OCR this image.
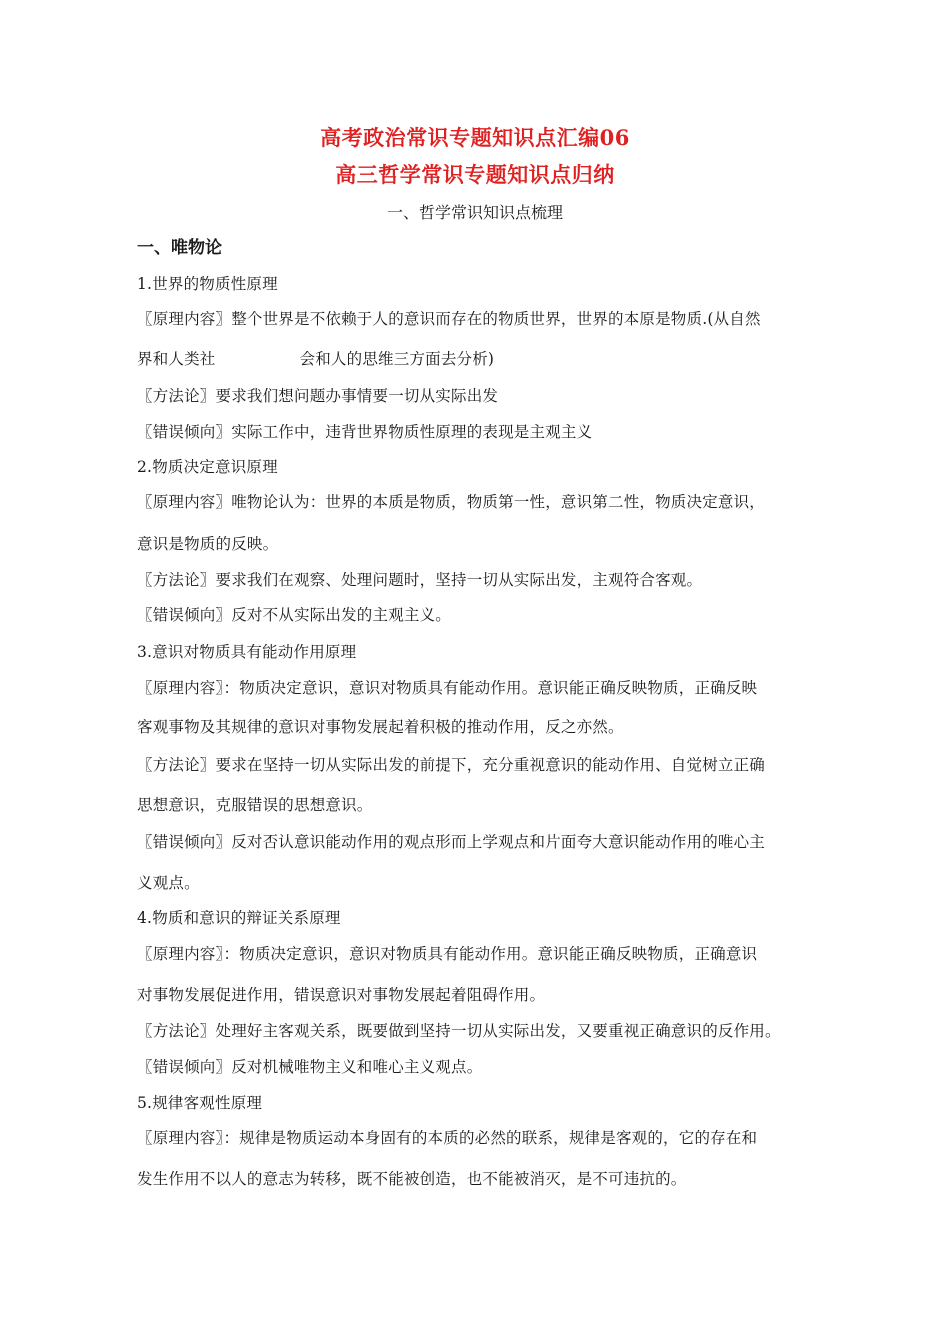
高考政治常识专题知识点汇编06
高三哲学常识专题知识点归纳
一、哲学常识知识点梳理
一、唯物论
1.世界的物质性原理
〖原理内容〗整个世界是不依赖于人的意识而存在的物质世界，世界的本原是物质.(从自然
界和人类社	会和人的思维三方面去分析)
〖方法论〗要求我们想问题办事情要一切从实际出发
〖错误倾向〗实际工作中，违背世界物质性原理的表现是主观主义
2.物质决定意识原理
〖原理内容〗唯物论认为：世界的本质是物质，物质第一性，意识第二性，物质决定意识，
意识是物质的反映。
〖方法论〗要求我们在观察、处理问题时，坚持一切从实际出发，主观符合客观。
〖错误倾向〗反对不从实际出发的主观主义。
3.意识对物质具有能动作用原理
〖原理内容〗：物质决定意识，意识对物质具有能动作用。意识能正确反映物质，正确反映
客观事物及其规律的意识对事物发展起着积极的推动作用，反之亦然。
〖方法论〗要求在坚持一切从实际出发的前提下，充分重视意识的能动作用、自觉树立正确
思想意识，克服错误的思想意识。
〖错误倾向〗反对否认意识能动作用的观点形而上学观点和片面夸大意识能动作用的唯心主
义观点。
4.物质和意识的辩证关系原理
〖原理内容〗：物质决定意识，意识对物质具有能动作用。意识能正确反映物质，正确意识
对事物发展促进作用，错误意识对事物发展起着阻碍作用。
〖方法论〗处理好主客观关系，既要做到坚持一切从实际出发，又要重视正确意识的反作用。
〖错误倾向〗反对机械唯物主义和唯心主义观点。
5.规律客观性原理
〖原理内容〗：规律是物质运动本身固有的本质的必然的联系，规律是客观的，它的存在和
发生作用不以人的意志为转移，既不能被创造，也不能被消灭，是不可违抗的。
